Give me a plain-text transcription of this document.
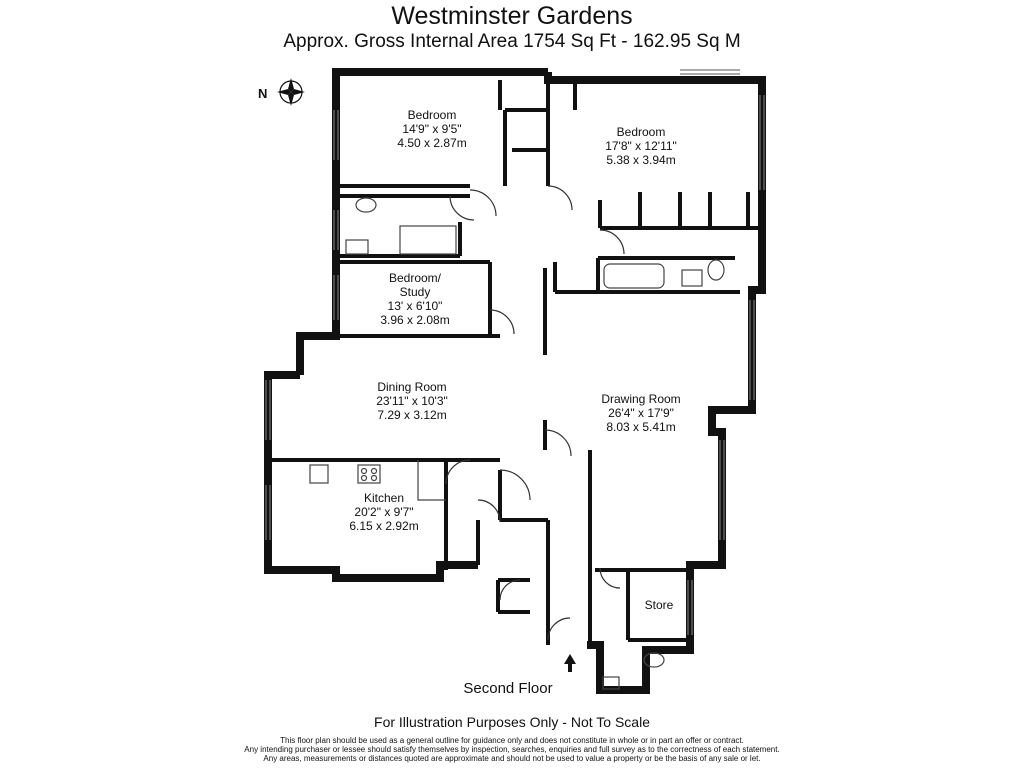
Westminster Gardens
Approx. Gross Internal Area 1754 Sq Ft - 162.95 Sq M
Bedroom
14'9" x 9'5"
4.50 x 2.87m
Bedroom
17'8" x 12'11"
5.38 x 3.94m
Bedroom/
Study
13' x 6'10"
3.96 x 2.08m
Dining Room
23'11" x 10'3"
7.29 x 3.12m
Drawing Room
26'4" x 17'9"
8.03 x 5.41m
Kitchen
20'2" x 9'7"
6.15 x 2.92m
Store
N
Second Floor
For Illustration Purposes Only - Not To Scale
This floor plan should be used as a general outline for guidance only and does not constitute in whole or in part an offer or contract.
Any intending purchaser or lessee should satisfy themselves by inspection, searches, enquiries and full survey as to the correctness of each statement.
Any areas, measurements or distances quoted are approximate and should not be used to value a property or be the basis of any sale or let.
